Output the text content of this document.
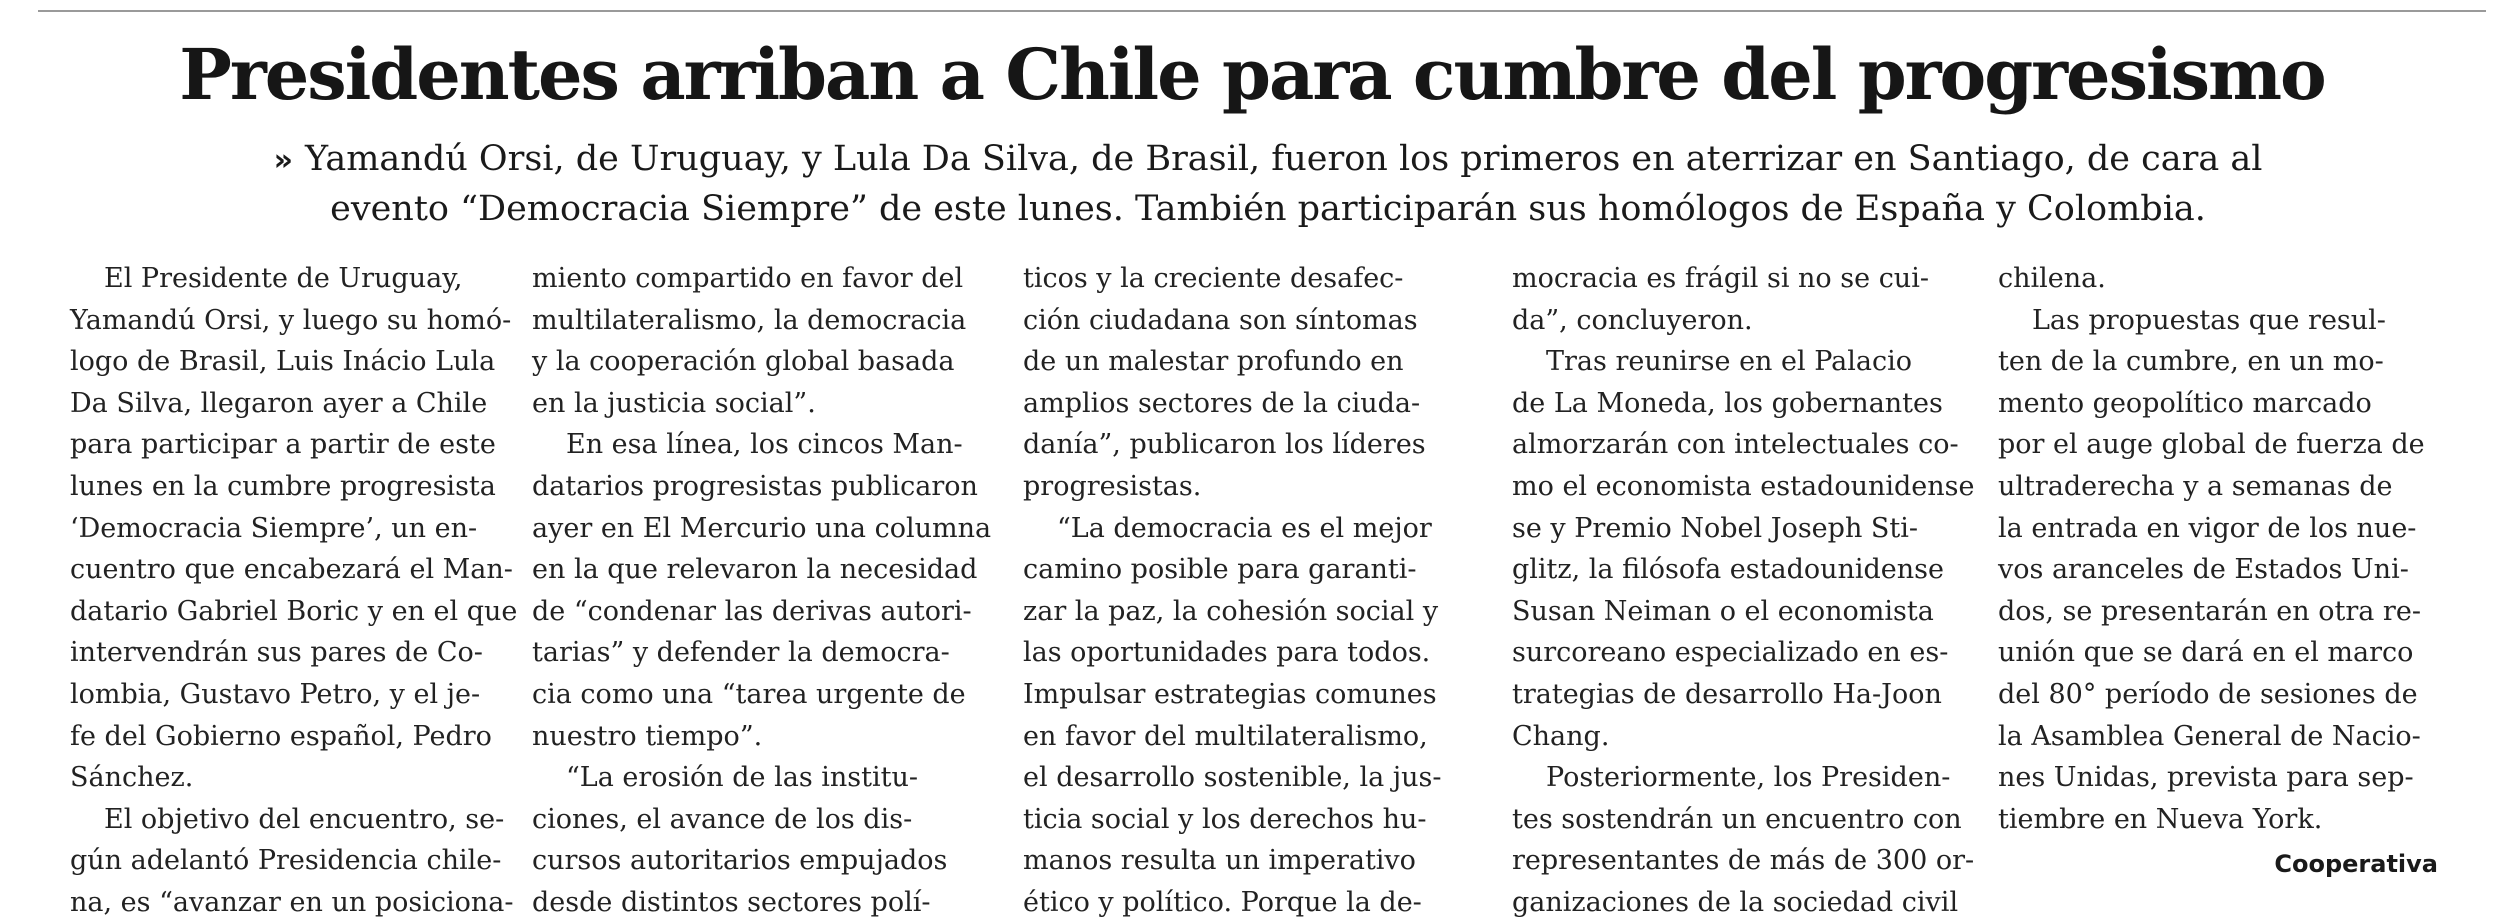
Presidentes arriban a Chile para cumbre del progresismo
» Yamandú Orsi, de Uruguay, y Lula Da Silva, de Brasil, fueron los primeros en aterrizar en Santiago, de cara al
evento “Democracia Siempre” de este lunes. También participarán sus homólogos de España y Colombia.
El Presidente de Uruguay,
Yamandú Orsi, y luego su homó-
logo de Brasil, Luis Inácio Lula
Da Silva, llegaron ayer a Chile
para participar a partir de este
lunes en la cumbre progresista
‘Democracia Siempre’, un en-
cuentro que encabezará el Man-
datario Gabriel Boric y en el que
intervendrán sus pares de Co-
lombia, Gustavo Petro, y el je-
fe del Gobierno español, Pedro
Sánchez.
El objetivo del encuentro, se-
gún adelantó Presidencia chile-
na, es “avanzar en un posiciona-
miento compartido en favor del
multilateralismo, la democracia
y la cooperación global basada
en la justicia social”.
En esa línea, los cincos Man-
datarios progresistas publicaron
ayer en El Mercurio una columna
en la que relevaron la necesidad
de “condenar las derivas autori-
tarias” y defender la democra-
cia como una “tarea urgente de
nuestro tiempo”.
“La erosión de las institu-
ciones, el avance de los dis-
cursos autoritarios empujados
desde distintos sectores polí-
ticos y la creciente desafec-
ción ciudadana son síntomas
de un malestar profundo en
amplios sectores de la ciuda-
danía”, publicaron los líderes
progresistas.
“La democracia es el mejor
camino posible para garanti-
zar la paz, la cohesión social y
las oportunidades para todos.
Impulsar estrategias comunes
en favor del multilateralismo,
el desarrollo sostenible, la jus-
ticia social y los derechos hu-
manos resulta un imperativo
ético y político. Porque la de-
mocracia es frágil si no se cui-
da”, concluyeron.
Tras reunirse en el Palacio
de La Moneda, los gobernantes
almorzarán con intelectuales co-
mo el economista estadounidense
se y Premio Nobel Joseph Sti-
glitz, la filósofa estadounidense
Susan Neiman o el economista
surcoreano especializado en es-
trategias de desarrollo Ha-Joon
Chang.
Posteriormente, los Presiden-
tes sostendrán un encuentro con
representantes de más de 300 or-
ganizaciones de la sociedad civil
chilena.
Las propuestas que resul-
ten de la cumbre, en un mo-
mento geopolítico marcado
por el auge global de fuerza de
ultraderecha y a semanas de
la entrada en vigor de los nue-
vos aranceles de Estados Uni-
dos, se presentarán en otra re-
unión que se dará en el marco
del 80° período de sesiones de
la Asamblea General de Nacio-
nes Unidas, prevista para sep-
tiembre en Nueva York.
Cooperativa
